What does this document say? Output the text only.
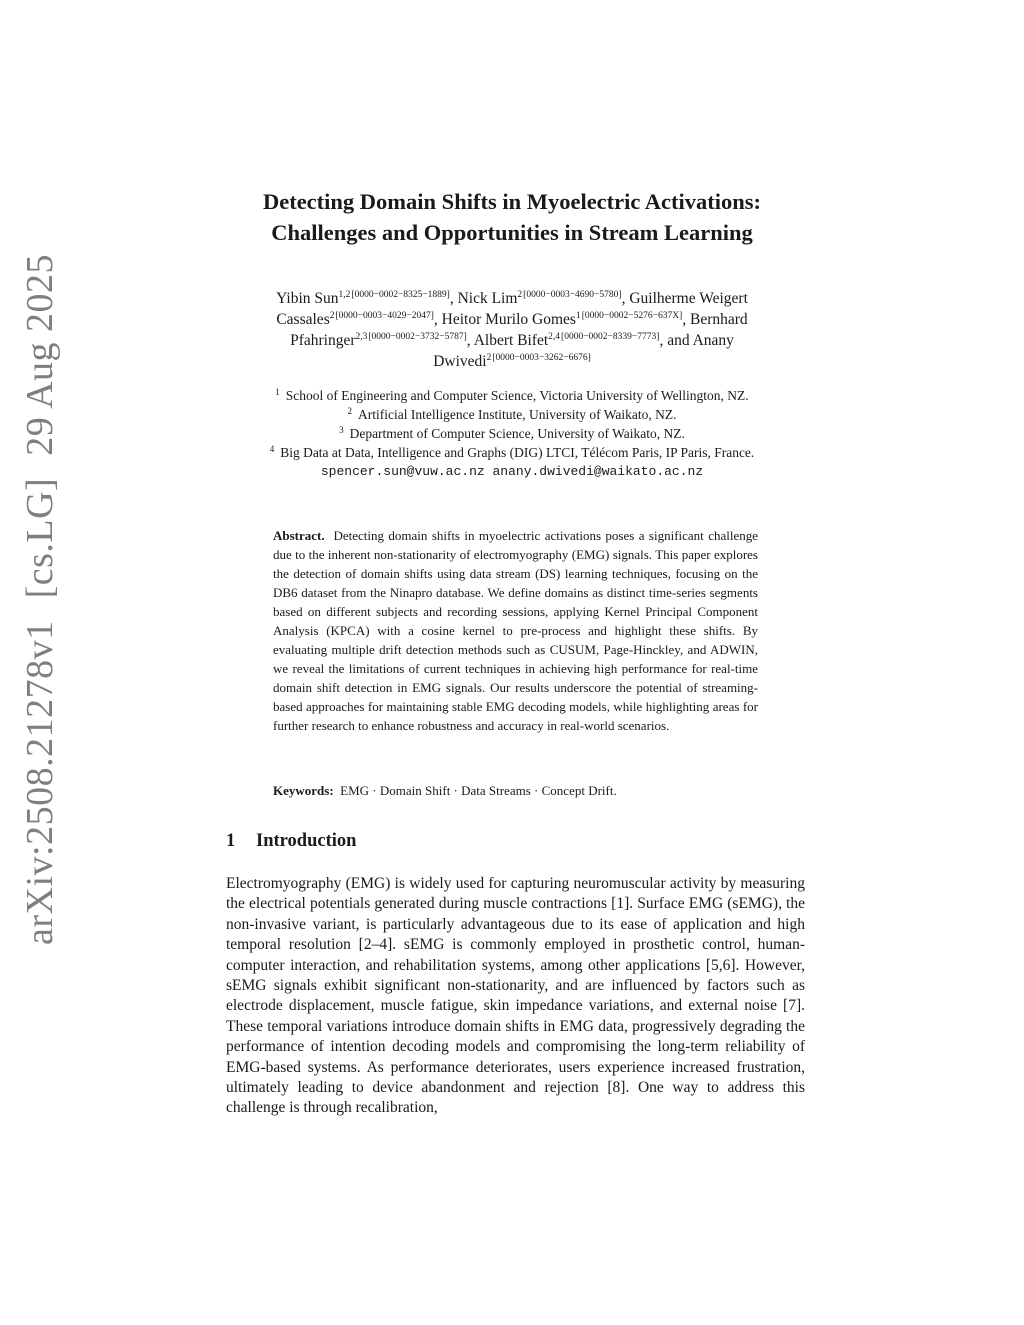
arXiv:2508.21278v1[cs.LG]29 Aug 2025
Detecting Domain Shifts in Myoelectric Activations:
Challenges and Opportunities in Stream Learning
Yibin Sun$^{1,2[0000-0002-8325-1889]}$, Nick Lim$^{2[0000-0003-4690-5780]}$, Guilherme Weigert
Cassales$^{2[0000-0003-4029-2047]}$, Heitor Murilo Gomes$^{1[0000-0002-5276-637X]}$, Bernhard
Pfahringer$^{2,3[0000-0002-3732-5787]}$, Albert Bifet$^{2,4[0000-0002-8339-7773]}$, and Anany
Dwivedi$^{2[0000-0003-3262-6676]}$
$^1$ School of Engineering and Computer Science, Victoria University of Wellington, NZ.
$^2$ Artificial Intelligence Institute, University of Waikato, NZ.
$^3$ Department of Computer Science, University of Waikato, NZ.
$^4$ Big Data at Data, Intelligence and Graphs (DIG) LTCI, Télécom Paris, IP Paris, France.
spencer.sun@vuw.ac.nz anany.dwivedi@waikato.ac.nz
Abstract. Detecting domain shifts in myoelectric activations poses a significant challenge due to the inherent non-stationarity of electromyography (EMG) signals. This paper explores the detection of domain shifts using data stream (DS) learning techniques, focusing on the DB6 dataset from the Ninapro database. We define domains as distinct time-series segments based on different subjects and recording sessions, applying Kernel Principal Component Analysis (KPCA) with a cosine kernel to pre-process and highlight these shifts. By evaluating multiple drift detection methods such as CUSUM, Page-Hinckley, and ADWIN, we reveal the limitations of current techniques in achieving high performance for real-time domain shift detection in EMG signals. Our results underscore the potential of streaming-based approaches for maintaining stable EMG decoding models, while highlighting areas for further research to enhance robustness and accuracy in real-world scenarios.
Keywords: EMG · Domain Shift · Data Streams · Concept Drift.
1 Introduction
Electromyography (EMG) is widely used for capturing neuromuscular activity by measuring the electrical potentials generated during muscle contractions [1]. Surface EMG (sEMG), the non-invasive variant, is particularly advantageous due to its ease of application and high temporal resolution [2–4]. sEMG is commonly employed in prosthetic control, human-computer interaction, and rehabilitation systems, among other applications [5,6]. However, sEMG signals exhibit significant non-stationarity, and are influenced by factors such as electrode displacement, muscle fatigue, skin impedance variations, and external noise [7]. These temporal variations introduce domain shifts in EMG data, progressively degrading the performance of intention decoding models and compromising the long-term reliability of EMG-based systems. As performance deteriorates, users experience increased frustration, ultimately leading to device abandonment and rejection [8]. One way to address this challenge is through recalibration,
